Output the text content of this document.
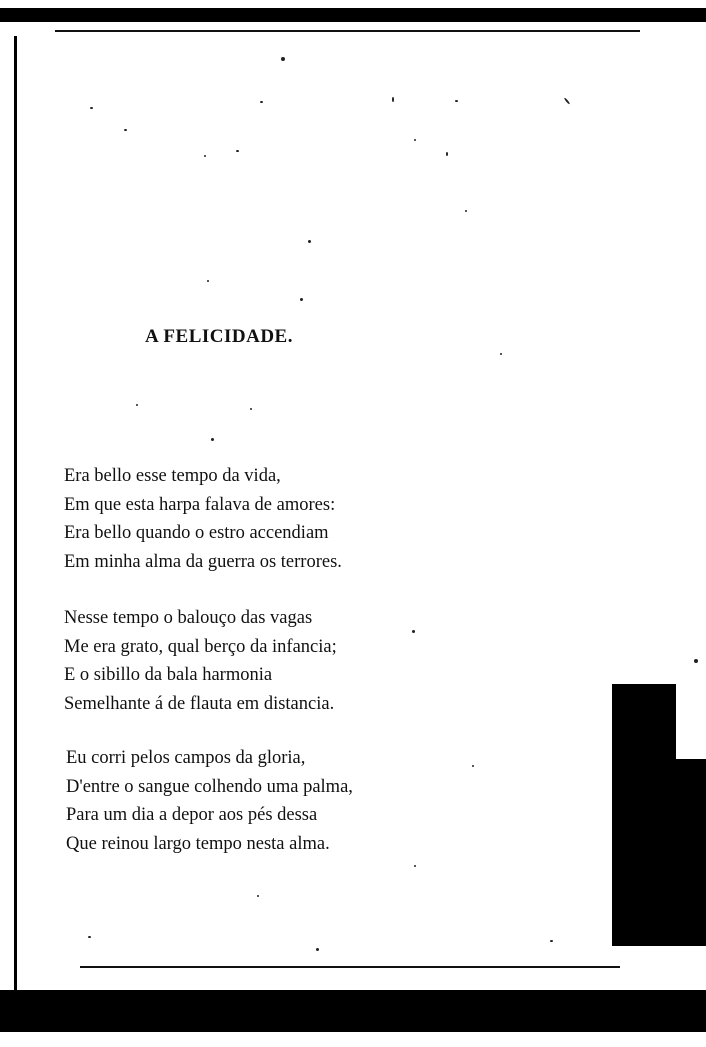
A FELICIDADE.
Era bello esse tempo da vida,
Em que esta harpa falava de amores:
Era bello quando o estro accendiam
Em minha alma da guerra os terrores.
Nesse tempo o balouço das vagas
Me era grato, qual berço da infancia;
E o sibillo da bala harmonia
Semelhante á de flauta em distancia.
Eu corri pelos campos da gloria,
D'entre o sangue colhendo uma palma,
Para um dia a depor aos pés dessa
Que reinou largo tempo nesta alma.
